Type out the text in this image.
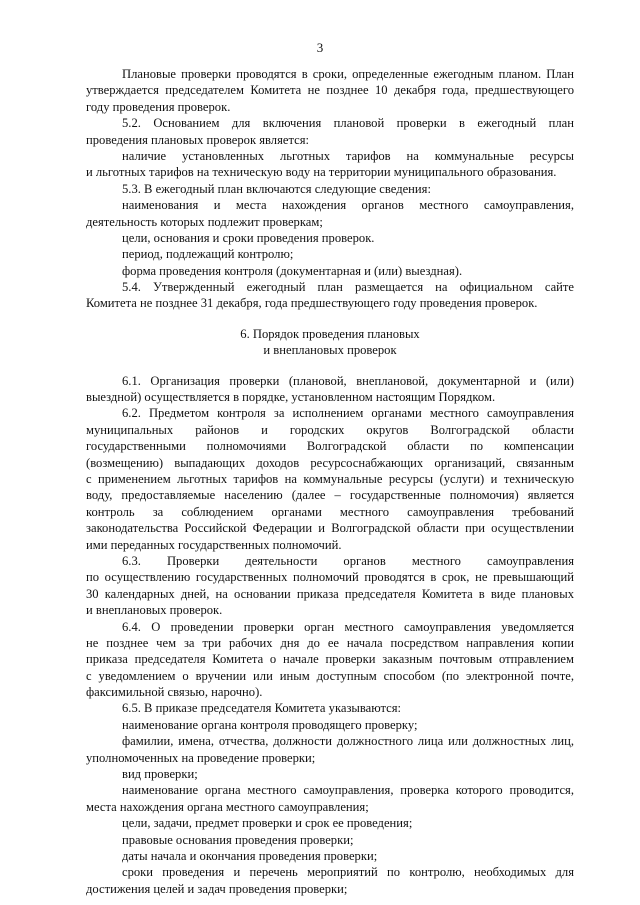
3
Плановые проверки проводятся в сроки, определенные ежегодным планом. План
утверждается председателем Комитета не позднее 10 декабря года, предшествующего
году проведения проверок.
5.2. Основанием для включения плановой проверки в ежегодный план
проведения плановых проверок является:
наличие установленных льготных тарифов на коммунальные ресурсы
и льготных тарифов на техническую воду на территории муниципального образования.
5.3. В ежегодный план включаются следующие сведения:
наименования и места нахождения органов местного самоуправления,
деятельность которых подлежит проверкам;
цели, основания и сроки проведения проверок.
период, подлежащий контролю;
форма проведения контроля (документарная и (или) выездная).
5.4. Утвержденный ежегодный план размещается на официальном сайте
Комитета не позднее 31 декабря, года предшествующего году проведения проверок.
6. Порядок проведения плановых
и внеплановых проверок
6.1. Организация проверки (плановой, внеплановой, документарной и (или)
выездной) осуществляется в порядке, установленном настоящим Порядком.
6.2. Предметом контроля за исполнением органами местного самоуправления
муниципальных районов и городских округов Волгоградской области
государственными полномочиями Волгоградской области по компенсации
(возмещению) выпадающих доходов ресурсоснабжающих организаций, связанным
с применением льготных тарифов на коммунальные ресурсы (услуги) и техническую
воду, предоставляемые населению (далее – государственные полномочия) является
контроль за соблюдением органами местного самоуправления требований
законодательства Российской Федерации и Волгоградской области при осуществлении
ими переданных государственных полномочий.
6.3. Проверки деятельности органов местного самоуправления
по осуществлению государственных полномочий проводятся в срок, не превышающий
30 календарных дней, на основании приказа председателя Комитета в виде плановых
и внеплановых проверок.
6.4. О проведении проверки орган местного самоуправления уведомляется
не позднее чем за три рабочих дня до ее начала посредством направления копии
приказа председателя Комитета о начале проверки заказным почтовым отправлением
с уведомлением о вручении или иным доступным способом (по электронной почте,
факсимильной связью, нарочно).
6.5. В приказе председателя Комитета указываются:
наименование органа контроля проводящего проверку;
фамилии, имена, отчества, должности должностного лица или должностных лиц,
уполномоченных на проведение проверки;
вид проверки;
наименование органа местного самоуправления, проверка которого проводится,
места нахождения органа местного самоуправления;
цели, задачи, предмет проверки и срок ее проведения;
правовые основания проведения проверки;
даты начала и окончания проведения проверки;
сроки проведения и перечень мероприятий по контролю, необходимых для
достижения целей и задач проведения проверки;
